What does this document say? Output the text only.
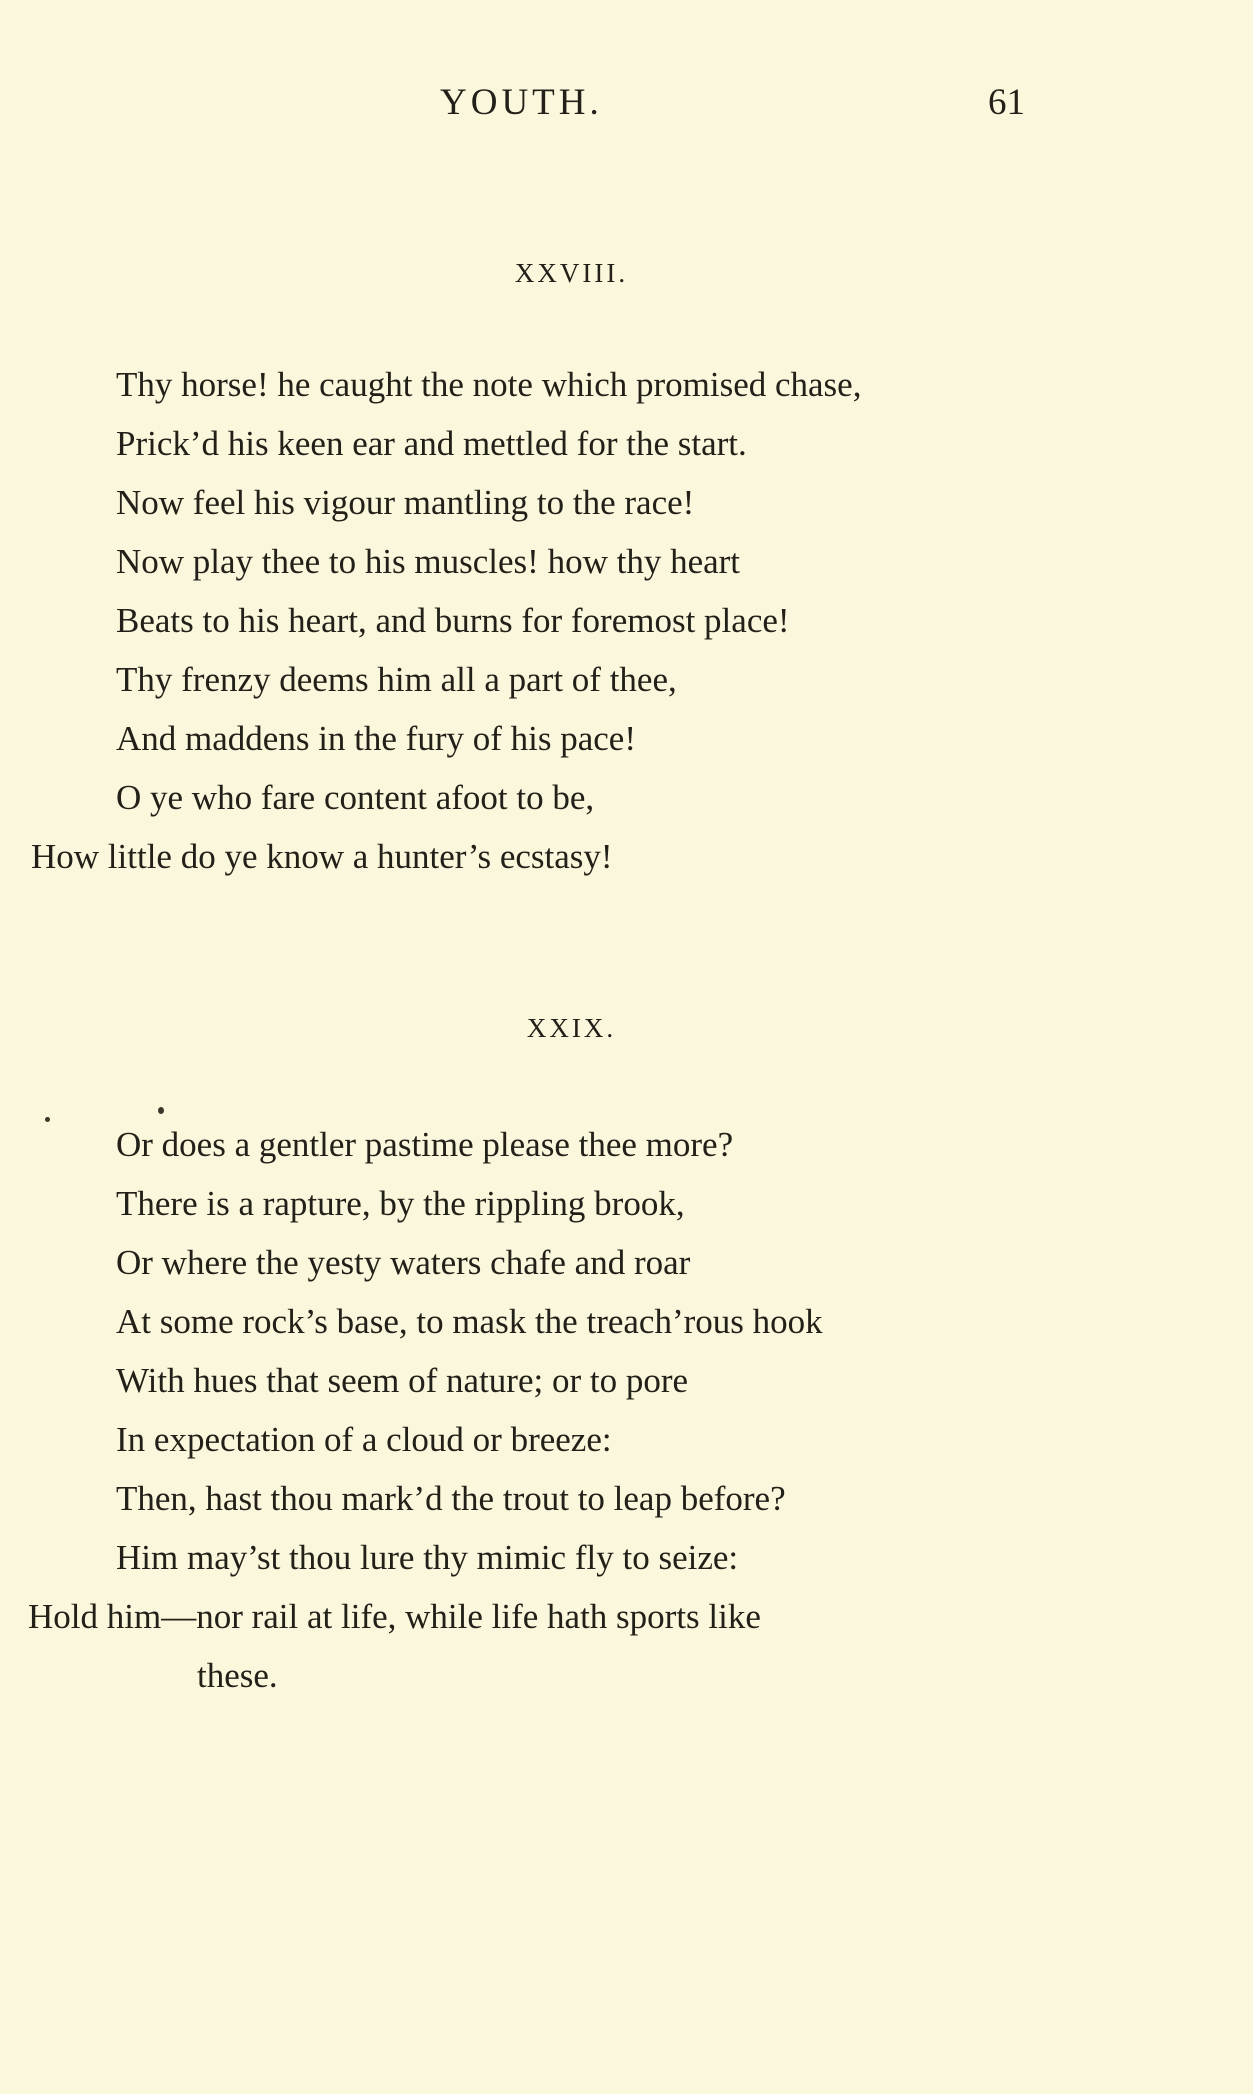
YOUTH.	61
XXVIII.
Thy horse! he caught the note which promised chase,
Prick’d his keen ear and mettled for the start.
Now feel his vigour mantling to the race!
Now play thee to his muscles! how thy heart
Beats to his heart, and burns for foremost place!
Thy frenzy deems him all a part of thee,
And maddens in the fury of his pace!
O ye who fare content afoot to be,
How little do ye know a hunter’s ecstasy!
XXIX.
Or does a gentler pastime please thee more?
There is a rapture, by the rippling brook,
Or where the yesty waters chafe and roar
At some rock’s base, to mask the treach’rous hook
With hues that seem of nature; or to pore
In expectation of a cloud or breeze:
Then, hast thou mark’d the trout to leap before?
Him may’st thou lure thy mimic fly to seize:
Hold him—nor rail at life, while life hath sports like
these.
